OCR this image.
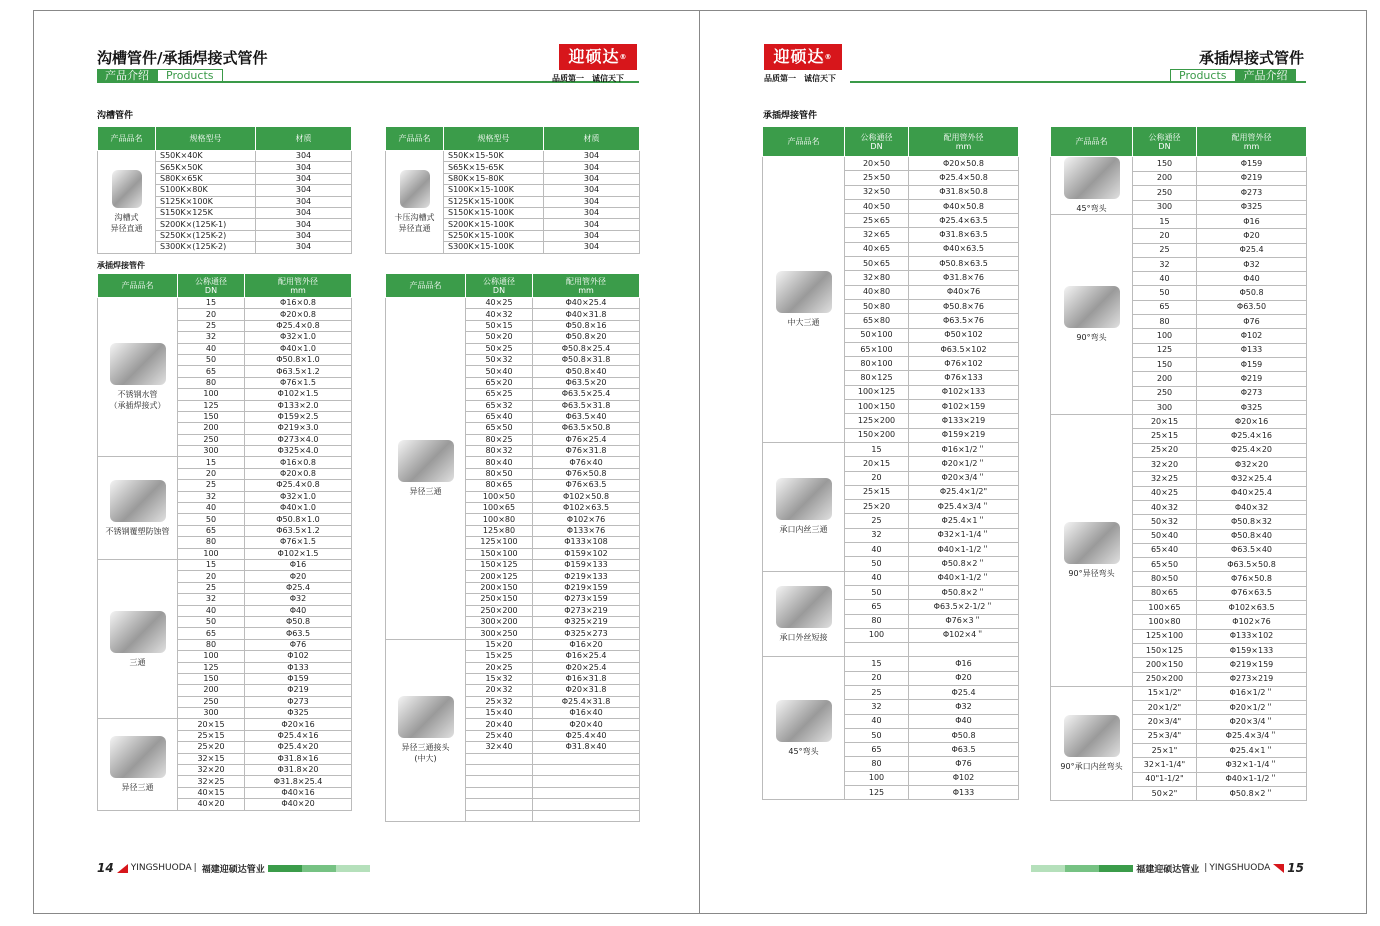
沟槽管件/承插焊接式管件
产品介绍	Products
迎硕达®
品质第一　诚信天下
沟槽管件
承插焊接管件
产品品名	规格型号	材质

沟槽式
异径直通	S50K×40K	304
	S65K×50K	304
	S80K×65K	304
	S100K×80K	304
	S125K×100K	304
	S150K×125K	304
	S200K×(125K-1)	304
	S250K×(125K-2)	304
	S300K×(125K-2)	304
产品品名	规格型号	材质

卡压沟槽式
异径直通	S50K×15-50K	304
	S65K×15-65K	304
	S80K×15-80K	304
	S100K×15-100K	304
	S125K×15-100K	304
	S150K×15-100K	304
	S200K×15-100K	304
	S250K×15-100K	304
	S300K×15-100K	304
产品品名	公称通径
DN	配用管外径
mm

不锈钢水管
（承插焊接式）	15	Φ16×0.8
	20	Φ20×0.8
	25	Φ25.4×0.8
	32	Φ32×1.0
	40	Φ40×1.0
	50	Φ50.8×1.0
	65	Φ63.5×1.2
	80	Φ76×1.5
	100	Φ102×1.5
	125	Φ133×2.0
	150	Φ159×2.5
	200	Φ219×3.0
	250	Φ273×4.0
	300	Φ325×4.0

不锈钢覆塑防蚀管	15	Φ16×0.8
	20	Φ20×0.8
	25	Φ25.4×0.8
	32	Φ32×1.0
	40	Φ40×1.0
	50	Φ50.8×1.0
	65	Φ63.5×1.2
	80	Φ76×1.5
	100	Φ102×1.5

三通	15	Φ16
	20	Φ20
	25	Φ25.4
	32	Φ32
	40	Φ40
	50	Φ50.8
	65	Φ63.5
	80	Φ76
	100	Φ102
	125	Φ133
	150	Φ159
	200	Φ219
	250	Φ273
	300	Φ325

异径三通	20×15	Φ20×16
	25×15	Φ25.4×16
	25×20	Φ25.4×20
	32×15	Φ31.8×16
	32×20	Φ31.8×20
	32×25	Φ31.8×25.4
	40×15	Φ40×16
	40×20	Φ40×20
产品品名	公称通径
DN	配用管外径
mm

异径三通	40×25	Φ40×25.4
	40×32	Φ40×31.8
	50×15	Φ50.8×16
	50×20	Φ50.8×20
	50×25	Φ50.8×25.4
	50×32	Φ50.8×31.8
	50×40	Φ50.8×40
	65×20	Φ63.5×20
	65×25	Φ63.5×25.4
	65×32	Φ63.5×31.8
	65×40	Φ63.5×40
	65×50	Φ63.5×50.8
	80×25	Φ76×25.4
	80×32	Φ76×31.8
	80×40	Φ76×40
	80×50	Φ76×50.8
	80×65	Φ76×63.5
	100×50	Φ102×50.8
	100×65	Φ102×63.5
	100×80	Φ102×76
	125×80	Φ133×76
	125×100	Φ133×108
	150×100	Φ159×102
	150×125	Φ159×133
	200×125	Φ219×133
	200×150	Φ219×159
	250×150	Φ273×159
	250×200	Φ273×219
	300×200	Φ325×219
	300×250	Φ325×273

异径三通接头
(中大)	15×20	Φ16×20
	15×25	Φ16×25.4
	20×25	Φ20×25.4
	15×32	Φ16×31.8
	20×32	Φ20×31.8
	25×32	Φ25.4×31.8
	15×40	Φ16×40
	20×40	Φ20×40
	25×40	Φ25.4×40
	32×40	Φ31.8×40

14 YINGSHUODA | 福建迎硕达管业
迎硕达®
品质第一　诚信天下
承插焊接式管件
Products	产品介绍
承插焊接管件
产品品名	公称通径
DN	配用管外径
mm

中大三通	20×50	Φ20×50.8
	25×50	Φ25.4×50.8
	32×50	Φ31.8×50.8
	40×50	Φ40×50.8
	25×65	Φ25.4×63.5
	32×65	Φ31.8×63.5
	40×65	Φ40×63.5
	50×65	Φ50.8×63.5
	32×80	Φ31.8×76
	40×80	Φ40×76
	50×80	Φ50.8×76
	65×80	Φ63.5×76
	50×100	Φ50×102
	65×100	Φ63.5×102
	80×100	Φ76×102
	80×125	Φ76×133
	100×125	Φ102×133
	100×150	Φ102×159
	125×200	Φ133×219
	150×200	Φ159×219

承口内丝三通	15	Φ16×1/2＂
	20×15	Φ20×1/2＂
	20	Φ20×3/4＂
	25×15	Φ25.4×1/2"
	25×20	Φ25.4×3/4＂
	25	Φ25.4×1＂
	32	Φ32×1-1/4＂
	40	Φ40×1-1/2＂
	50	Φ50.8×2＂

承口外丝短接	40	Φ40×1-1/2＂
	50	Φ50.8×2＂
	65	Φ63.5×2-1/2＂
	80	Φ76×3＂
	100	Φ102×4＂

45°弯头	15	Φ16
	20	Φ20
	25	Φ25.4
	32	Φ32
	40	Φ40
	50	Φ50.8
	65	Φ63.5
	80	Φ76
	100	Φ102
	125	Φ133
产品品名	公称通径
DN	配用管外径
mm

45°弯头	150	Φ159
	200	Φ219
	250	Φ273
	300	Φ325

90°弯头	15	Φ16
	20	Φ20
	25	Φ25.4
	32	Φ32
	40	Φ40
	50	Φ50.8
	65	Φ63.50
	80	Φ76
	100	Φ102
	125	Φ133
	150	Φ159
	200	Φ219
	250	Φ273
	300	Φ325

90°异径弯头	20×15	Φ20×16
	25×15	Φ25.4×16
	25×20	Φ25.4×20
	32×20	Φ32×20
	32×25	Φ32×25.4
	40×25	Φ40×25.4
	40×32	Φ40×32
	50×32	Φ50.8×32
	50×40	Φ50.8×40
	65×40	Φ63.5×40
	65×50	Φ63.5×50.8
	80×50	Φ76×50.8
	80×65	Φ76×63.5
	100×65	Φ102×63.5
	100×80	Φ102×76
	125×100	Φ133×102
	150×125	Φ159×133
	200×150	Φ219×159
	250×200	Φ273×219

90°承口内丝弯头	15×1/2"	Φ16×1/2＂
	20×1/2"	Φ20×1/2＂
	20×3/4"	Φ20×3/4＂
	25×3/4"	Φ25.4×3/4＂
	25×1"	Φ25.4×1＂
	32×1-1/4"	Φ32×1-1/4＂
	40"1-1/2"	Φ40×1-1/2＂
	50×2"	Φ50.8×2＂
福建迎硕达管业 | YINGSHUODA 15
